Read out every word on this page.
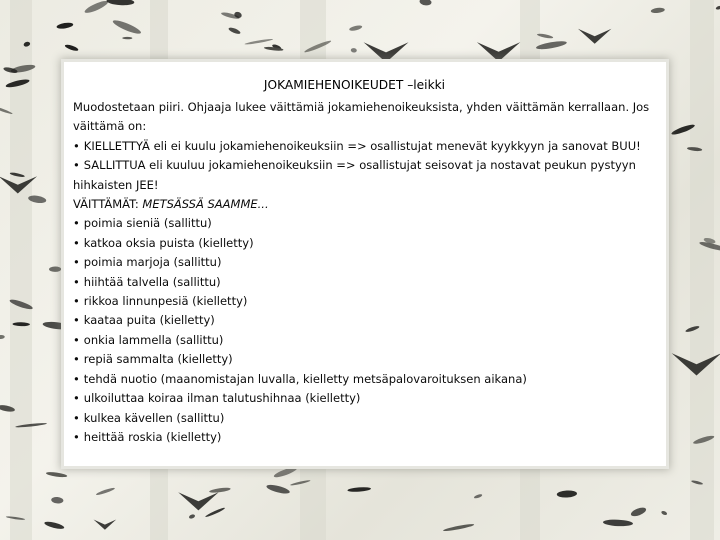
JOKAMIEHENOIKEUDET –leikki

Muodostetaan piiri. Ohjaaja lukee väittämiä jokamiehenoikeuksista, yhden väittämän kerrallaan. Jos väittämä on:

• KIELLETTYÄ eli ei kuulu jokamiehenoikeuksiin => osallistujat menevät kyykkyyn ja sanovat BUU!

• SALLITTUA eli kuuluu jokamiehenoikeuksiin => osallistujat seisovat ja nostavat peukun pystyyn hihkaisten JEE!

VÄITTÄMÄT: METSÄSSÄ SAAMME...

• poimia sieniä (sallittu)

• katkoa oksia puista (kielletty)

• poimia marjoja (sallittu)

• hiihtää talvella (sallittu)

• rikkoa linnunpesiä (kielletty)

• kaataa puita (kielletty)

• onkia lammella (sallittu)

• repiä sammalta (kielletty)

• tehdä nuotio (maanomistajan luvalla, kielletty metsäpalovaroituksen aikana)

• ulkoiluttaa koiraa ilman talutushihnaa (kielletty)

• kulkea kävellen (sallittu)

• heittää roskia (kielletty)
